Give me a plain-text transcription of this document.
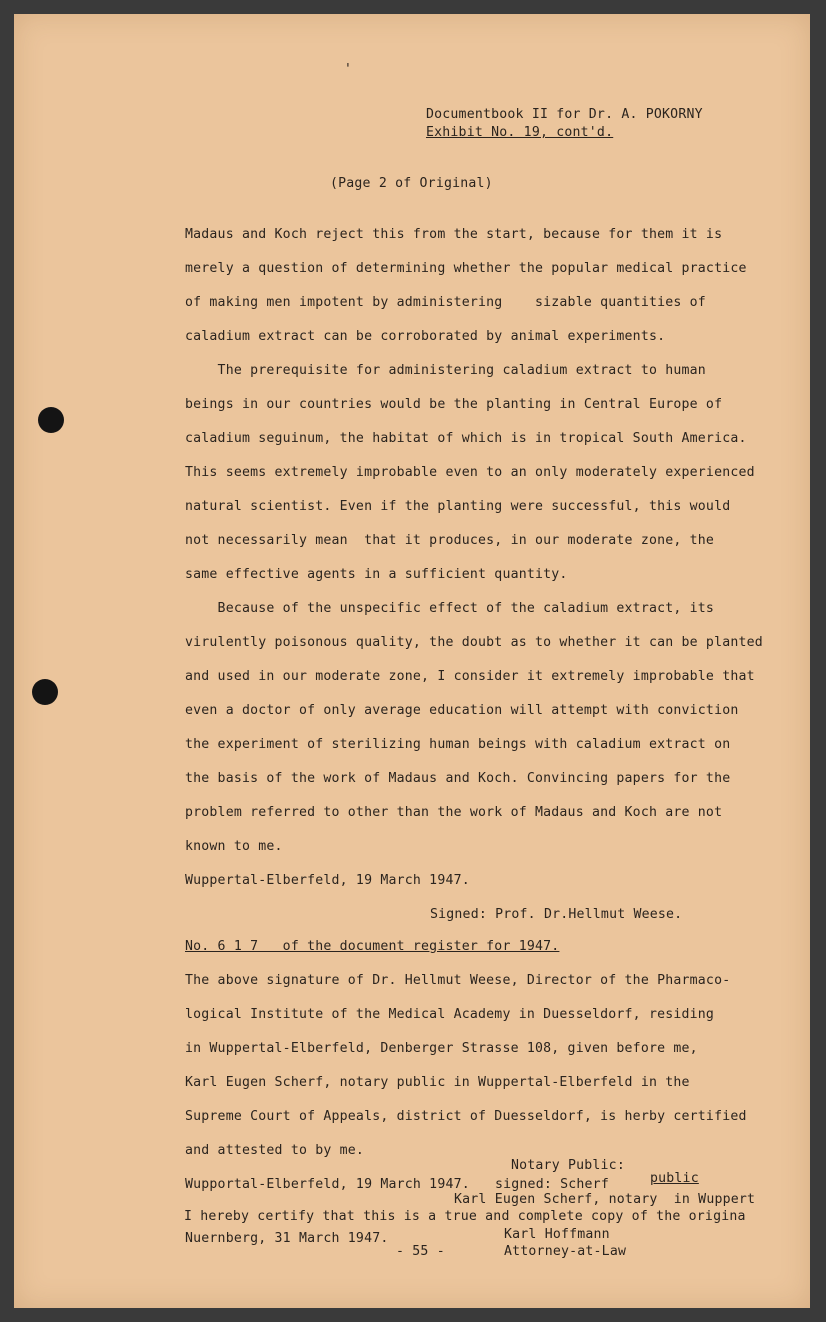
Documentbook II for Dr. A. POKORNY
Exhibit No. 19, cont'd.
(Page 2 of Original)
Madaus and Koch reject this from the start, because for them it is
merely a question of determining whether the popular medical practice
of making men impotent by administering    sizable quantities of
caladium extract can be corroborated by animal experiments.
The prerequisite for administering caladium extract to human
beings in our countries would be the planting in Central Europe of
caladium seguinum, the habitat of which is in tropical South America.
This seems extremely improbable even to an only moderately experienced
natural scientist. Even if the planting were successful, this would
not necessarily mean  that it produces, in our moderate zone, the
same effective agents in a sufficient quantity.
Because of the unspecific effect of the caladium extract, its
virulently poisonous quality, the doubt as to whether it can be planted
and used in our moderate zone, I consider it extremely improbable that
even a doctor of only average education will attempt with conviction
the experiment of sterilizing human beings with caladium extract on
the basis of the work of Madaus and Koch. Convincing papers for the
problem referred to other than the work of Madaus and Koch are not
known to me.
Wuppertal-Elberfeld, 19 March 1947.
Signed: Prof. Dr.Hellmut Weese.
No. 6 1 7   of the document register for 1947.
The above signature of Dr. Hellmut Weese, Director of the Pharmaco-
logical Institute of the Medical Academy in Duesseldorf, residing
in Wuppertal-Elberfeld, Denberger Strasse 108, given before me,
Karl Eugen Scherf, notary public in Wuppertal-Elberfeld in the
Supreme Court of Appeals, district of Duesseldorf, is herby certified
and attested to by me.
Notary Public:
public
Wupportal-Elberfeld, 19 March 1947. signed: Scherf
Karl Eugen Scherf, notary  in Wuppert
I hereby certify that this is a true and complete copy of the origina
Karl Hoffmann
Nuernberg, 31 March 1947.
- 55 -	Attorney-at-Law
'
